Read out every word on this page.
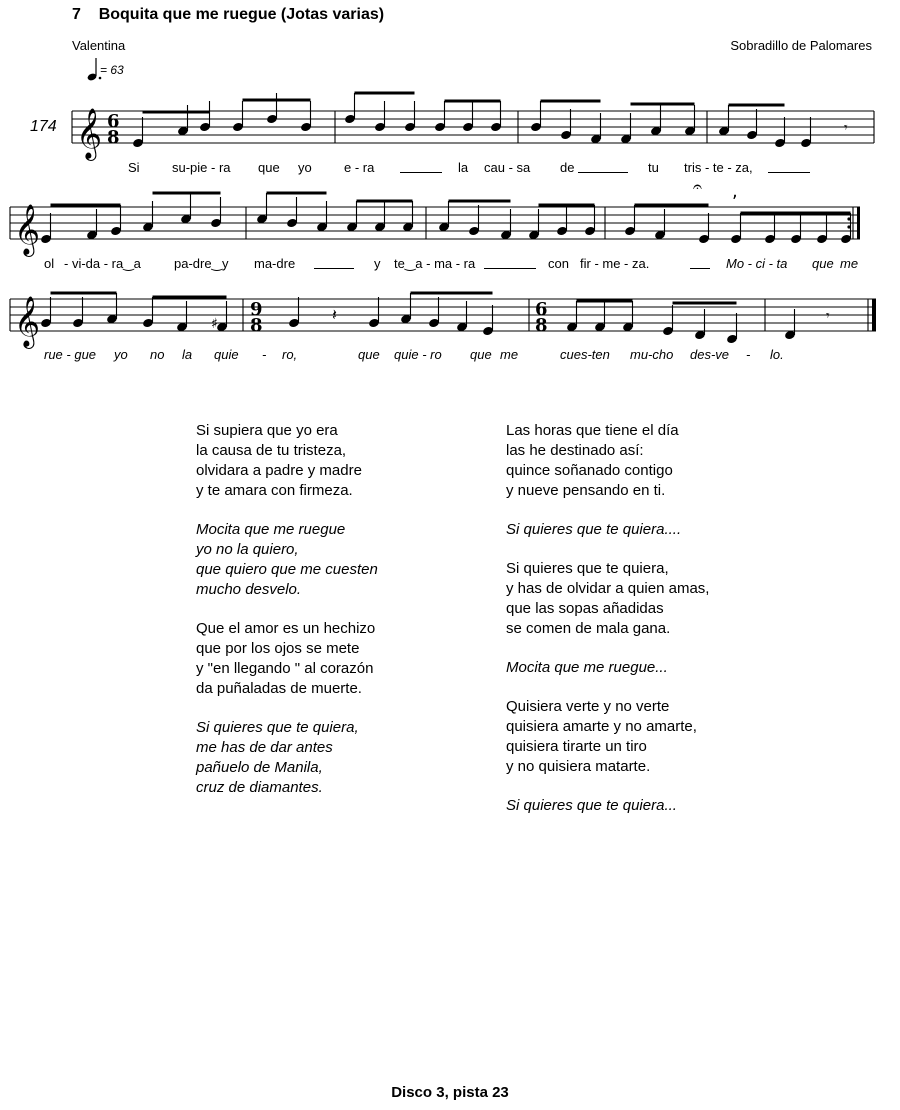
7 Boquita que me ruegue (Jotas varias)
Valentina	Sobradillo de Palomares
= 63
174 𝄞
𝄞
𝄞
6
8
9
8
6
8
𝄾
𝄾
𝄽
𝄐 ,
♯
Si su-pie - ra que yo e - ra	la cau - sa de	tu tris - te - za,
ol - vi-da - ra‿a	pa-dre‿y ma-dre	y te‿a - ma - ra	con fir - me - za.	Mo - ci - ta que me
rue - gue yo no la quie - ro,	que quie - ro que me	cues-ten mu-cho des-ve - lo.
Si supiera que yo era
la causa de tu tristeza,
olvidara a padre y madre
y te amara con firmeza.
Mocita que me ruegue
yo no la quiero,
que quiero que me cuesten
mucho desvelo.
Que el amor es un hechizo
que por los ojos se mete
y "en llegando " al corazón
da puñaladas de muerte.
Si quieres que te quiera,
me has de dar antes
pañuelo de Manila,
cruz de diamantes.
Las horas que tiene el día
las he destinado así:
quince soñanado contigo
y nueve pensando en ti.
Si quieres que te quiera....
Si quieres que te quiera,
y has de olvidar a quien amas,
que las sopas añadidas
se comen de mala gana.
Mocita que me ruegue...
Quisiera verte y no verte
quisiera amarte y no amarte,
quisiera tirarte un tiro
y no quisiera matarte.
Si quieres que te quiera...
Disco 3, pista 23
